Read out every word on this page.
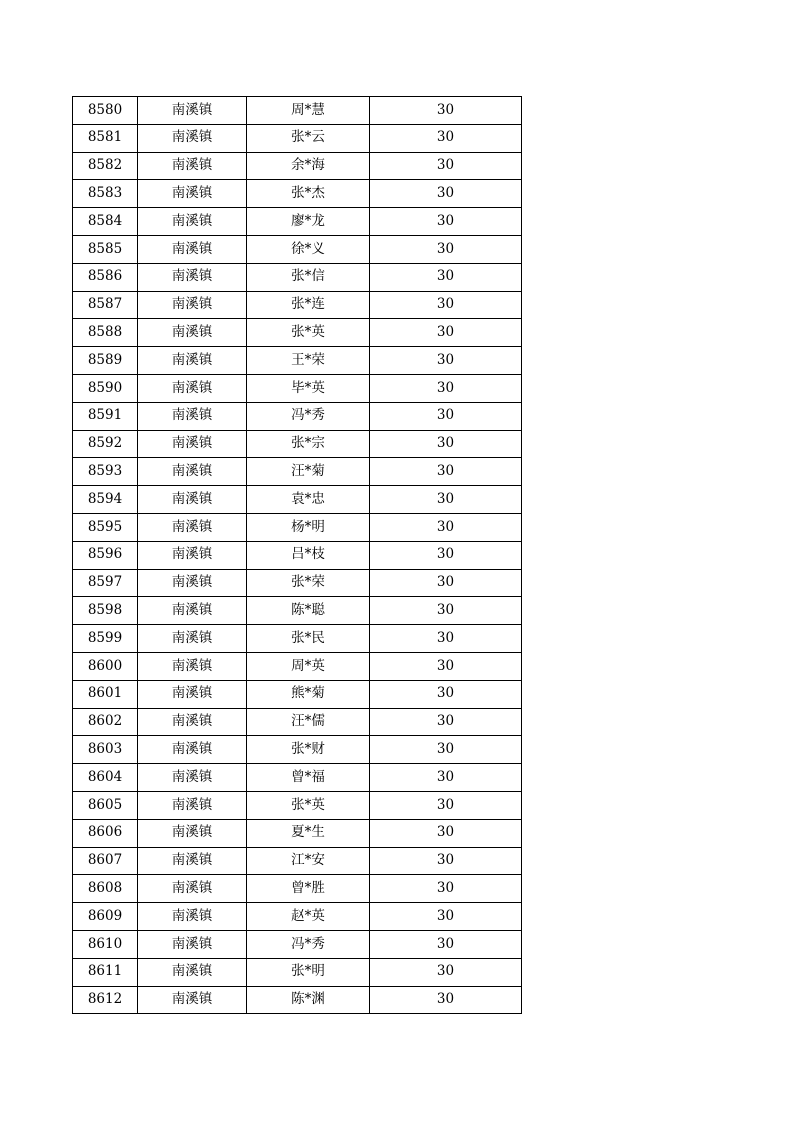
8580	南溪镇	周*慧	30
8581	南溪镇	张*云	30
8582	南溪镇	余*海	30
8583	南溪镇	张*杰	30
8584	南溪镇	廖*龙	30
8585	南溪镇	徐*义	30
8586	南溪镇	张*信	30
8587	南溪镇	张*连	30
8588	南溪镇	张*英	30
8589	南溪镇	王*荣	30
8590	南溪镇	毕*英	30
8591	南溪镇	冯*秀	30
8592	南溪镇	张*宗	30
8593	南溪镇	汪*菊	30
8594	南溪镇	袁*忠	30
8595	南溪镇	杨*明	30
8596	南溪镇	吕*枝	30
8597	南溪镇	张*荣	30
8598	南溪镇	陈*聪	30
8599	南溪镇	张*民	30
8600	南溪镇	周*英	30
8601	南溪镇	熊*菊	30
8602	南溪镇	汪*儒	30
8603	南溪镇	张*财	30
8604	南溪镇	曾*福	30
8605	南溪镇	张*英	30
8606	南溪镇	夏*生	30
8607	南溪镇	江*安	30
8608	南溪镇	曾*胜	30
8609	南溪镇	赵*英	30
8610	南溪镇	冯*秀	30
8611	南溪镇	张*明	30
8612	南溪镇	陈*渊	30
